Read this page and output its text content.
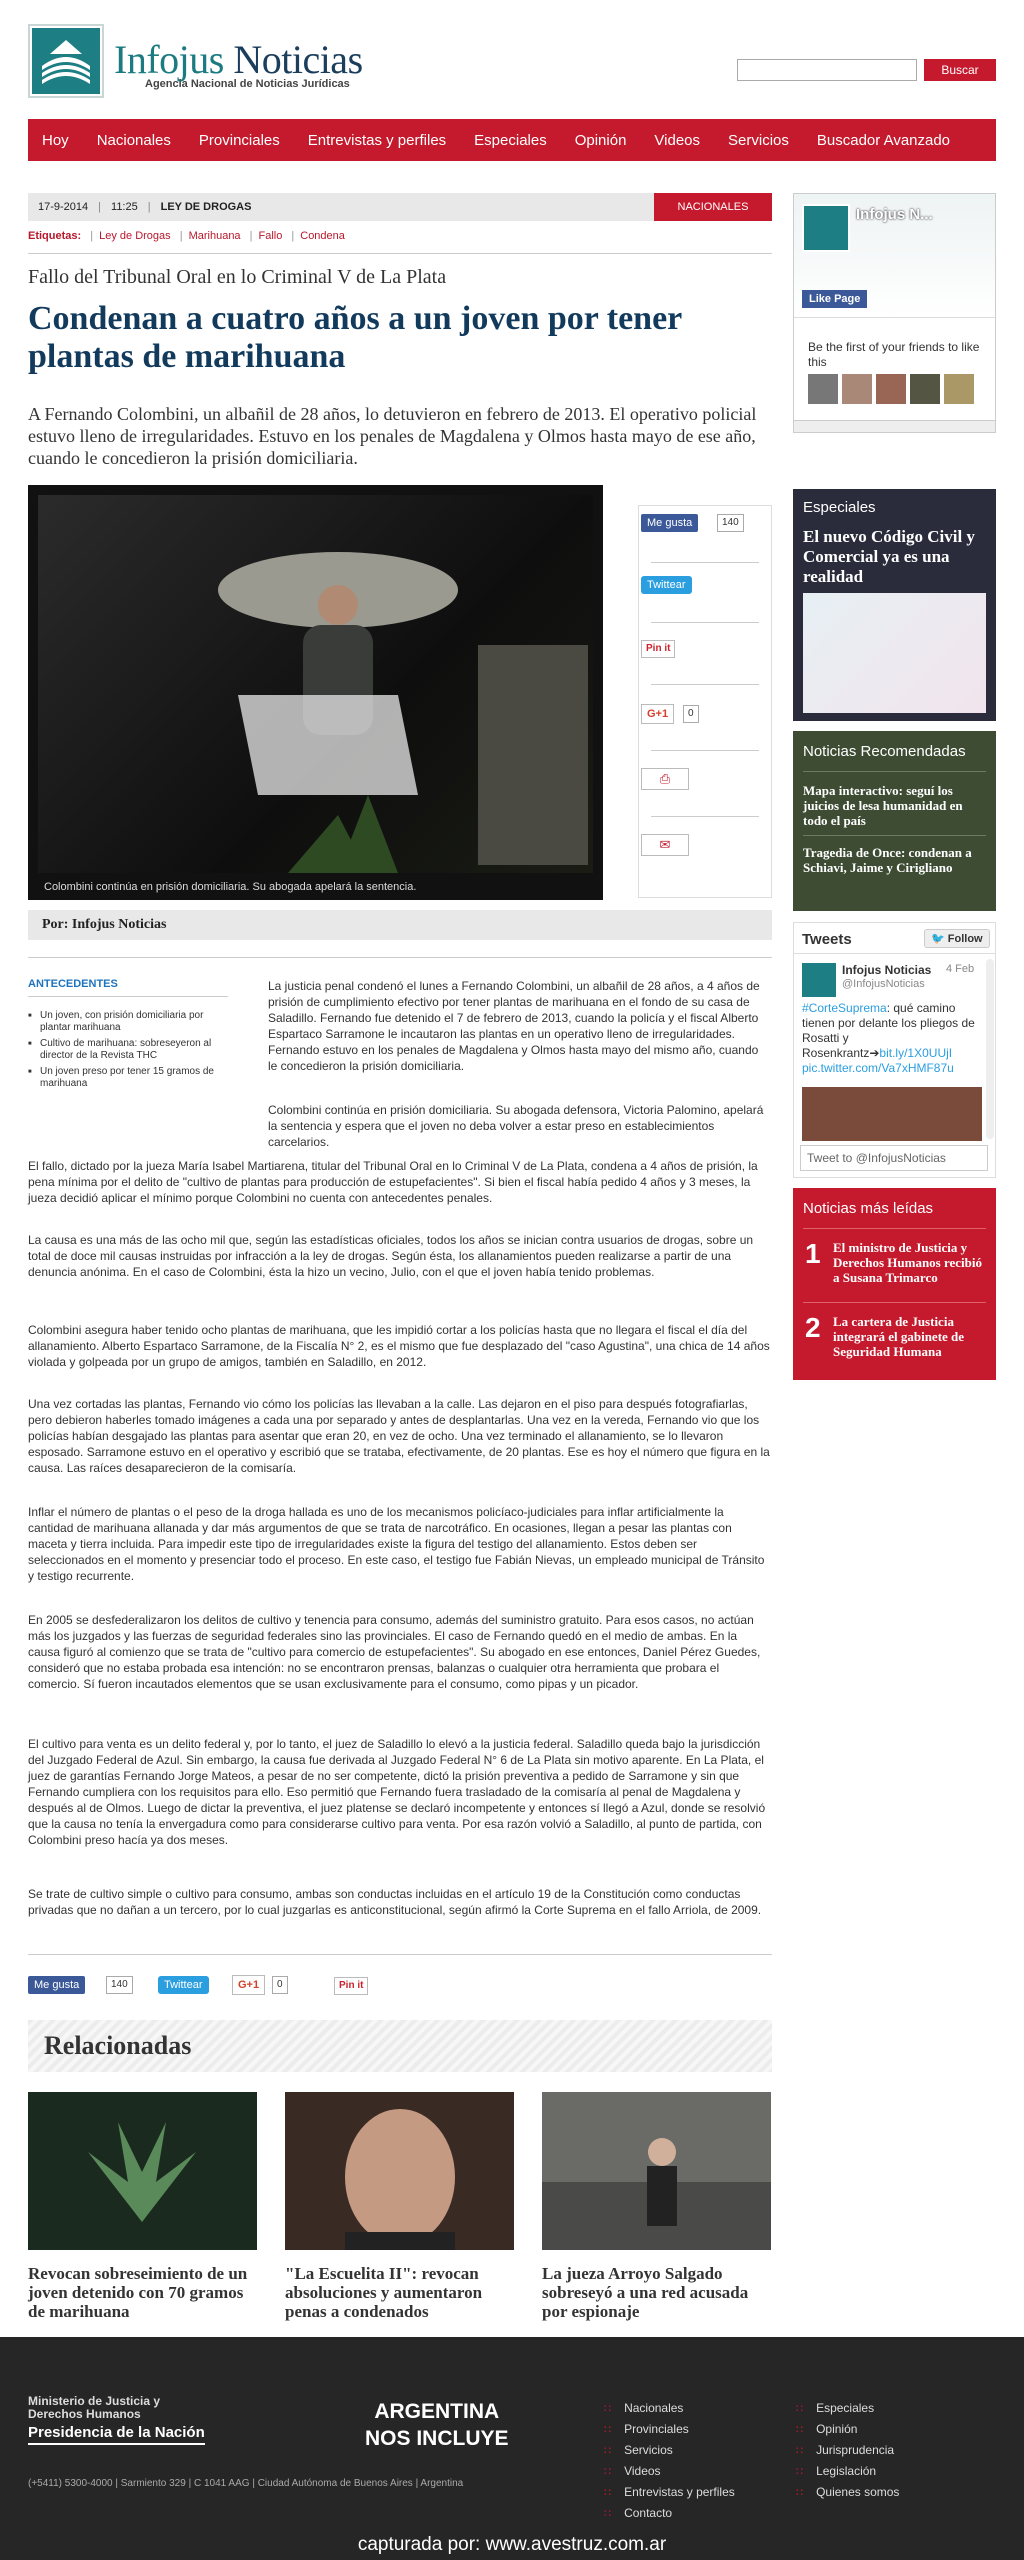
Infojus Noticias
Agencia Nacional de Noticias Jurídicas
Buscar
Hoy	Nacionales	Provinciales	Entrevistas y perfiles	Especiales	Opinión	Videos	Servicios	Buscador Avanzado
17-9-2014 | 11:25 | LEY DE DROGAS	NACIONALES
Etiquetas: | Ley de Drogas | Marihuana | Fallo | Condena
Fallo del Tribunal Oral en lo Criminal V de La Plata
Condenan a cuatro años a un joven por tener plantas de marihuana
A Fernando Colombini, un albañil de 28 años, lo detuvieron en febrero de 2013. El operativo policial estuvo lleno de irregularidades. Estuvo en los penales de Magdalena y Olmos hasta mayo de ese año, cuando le concedieron la prisión domiciliaria.
Colombini continúa en prisión domiciliaria. Su abogada apelará la sentencia.
Me gusta	140
Twittear
Pin it
G+1	0
⎙
✉
Por: Infojus Noticias
ANTECEDENTES
■ Un joven, con prisión domiciliaria por plantar marihuana
■ Cultivo de marihuana: sobreseyeron al director de la Revista THC
■ Un joven preso por tener 15 gramos de marihuana
La justicia penal condenó el lunes a Fernando Colombini, un albañil de 28 años, a 4 años de prisión de cumplimiento efectivo por tener plantas de marihuana en el fondo de su casa de Saladillo. Fernando fue detenido el 7 de febrero de 2013, cuando la policía y el fiscal Alberto Espartaco Sarramone le incautaron las plantas en un operativo lleno de irregularidades. Fernando estuvo en los penales de Magdalena y Olmos hasta mayo del mismo año, cuando le concedieron la prisión domiciliaria.
Colombini continúa en prisión domiciliaria. Su abogada defensora, Victoria Palomino, apelará la sentencia y espera que el joven no deba volver a estar preso en establecimientos carcelarios.
El fallo, dictado por la jueza María Isabel Martiarena, titular del Tribunal Oral en lo Criminal V de La Plata, condena a 4 años de prisión, la pena mínima por el delito de "cultivo de plantas para producción de estupefacientes". Si bien el fiscal había pedido 4 años y 3 meses, la jueza decidió aplicar el mínimo porque Colombini no cuenta con antecedentes penales.
La causa es una más de las ocho mil que, según las estadísticas oficiales, todos los años se inician contra usuarios de drogas, sobre un total de doce mil causas instruidas por infracción a la ley de drogas. Según ésta, los allanamientos pueden realizarse a partir de una denuncia anónima. En el caso de Colombini, ésta la hizo un vecino, Julio, con el que el joven había tenido problemas.
Colombini asegura haber tenido ocho plantas de marihuana, que les impidió cortar a los policías hasta que no llegara el fiscal el día del allanamiento. Alberto Espartaco Sarramone, de la Fiscalía N° 2, es el mismo que fue desplazado del "caso Agustina", una chica de 14 años violada y golpeada por un grupo de amigos, también en Saladillo, en 2012.
Una vez cortadas las plantas, Fernando vio cómo los policías las llevaban a la calle. Las dejaron en el piso para después fotografiarlas, pero debieron haberles tomado imágenes a cada una por separado y antes de desplantarlas. Una vez en la vereda, Fernando vio que los policías habían desgajado las plantas para asentar que eran 20, en vez de ocho. Una vez terminado el allanamiento, se lo llevaron esposado. Sarramone estuvo en el operativo y escribió que se trataba, efectivamente, de 20 plantas. Ese es hoy el número que figura en la causa. Las raíces desaparecieron de la comisaría.
Inflar el número de plantas o el peso de la droga hallada es uno de los mecanismos policíaco-judiciales para inflar artificialmente la cantidad de marihuana allanada y dar más argumentos de que se trata de narcotráfico. En ocasiones, llegan a pesar las plantas con maceta y tierra incluida. Para impedir este tipo de irregularidades existe la figura del testigo del allanamiento. Estos deben ser seleccionados en el momento y presenciar todo el proceso. En este caso, el testigo fue Fabián Nievas, un empleado municipal de Tránsito y testigo recurrente.
En 2005 se desfederalizaron los delitos de cultivo y tenencia para consumo, además del suministro gratuito. Para esos casos, no actúan más los juzgados y las fuerzas de seguridad federales sino las provinciales. El caso de Fernando quedó en el medio de ambas. En la causa figuró al comienzo que se trata de "cultivo para comercio de estupefacientes". Su abogado en ese entonces, Daniel Pérez Guedes, consideró que no estaba probada esa intención: no se encontraron prensas, balanzas o cualquier otra herramienta que probara el comercio. Sí fueron incautados elementos que se usan exclusivamente para el consumo, como pipas y un picador.
El cultivo para venta es un delito federal y, por lo tanto, el juez de Saladillo lo elevó a la justicia federal. Saladillo queda bajo la jurisdicción del Juzgado Federal de Azul. Sin embargo, la causa fue derivada al Juzgado Federal N° 6 de La Plata sin motivo aparente. En La Plata, el juez de garantías Fernando Jorge Mateos, a pesar de no ser competente, dictó la prisión preventiva a pedido de Sarramone y sin que Fernando cumpliera con los requisitos para ello. Eso permitió que Fernando fuera trasladado de la comisaría al penal de Magdalena y después al de Olmos. Luego de dictar la preventiva, el juez platense se declaró incompetente y entonces sí llegó a Azul, donde se resolvió que la causa no tenía la envergadura como para considerarse cultivo para venta. Por esa razón volvió a Saladillo, al punto de partida, con Colombini preso hacía ya dos meses.
Se trate de cultivo simple o cultivo para consumo, ambas son conductas incluidas en el artículo 19 de la Constitución como conductas privadas que no dañan a un tercero, por lo cual juzgarlas es anticonstitucional, según afirmó la Corte Suprema en el fallo Arriola, de 2009.
Me gusta	140	Twittear	G+1	0	Pin it
Relacionadas
Revocan sobreseimiento de un joven detenido con 70 gramos de marihuana
"La Escuelita II": revocan absoluciones y aumentaron penas a condenados
La jueza Arroyo Salgado sobreseyó a una red acusada por espionaje
Infojus N...
Like Page
Be the first of your friends to like this
Especiales
El nuevo Código Civil y Comercial ya es una realidad
Noticias Recomendadas
Mapa interactivo: seguí los juicios de lesa humanidad en todo el país
Tragedia de Once: condenan a Schiavi, Jaime y Cirigliano
Tweets	🐦 Follow
Infojus Noticias
@InfojusNoticias
4 Feb
#CorteSuprema: qué camino tienen por delante los pliegos de Rosatti y Rosenkrantz➔bit.ly/1X0UUjI
pic.twitter.com/Va7xHMF87u
Tweet to @InfojusNoticias
Noticias más leídas
1 El ministro de Justicia y Derechos Humanos recibió a Susana Trimarco
2 La cartera de Justicia integrará el gabinete de Seguridad Humana
Ministerio de Justicia y Derechos Humanos
Presidencia de la Nación
ARGENTINA
NOS INCLUYE
(+5411) 5300-4000 | Sarmiento 329 | C 1041 AAG | Ciudad Autónoma de Buenos Aires | Argentina
∷ Nacionales
∷ Provinciales
∷ Servicios
∷ Videos
∷ Entrevistas y perfiles
∷ Contacto
∷ Especiales
∷ Opinión
∷ Jurisprudencia
∷ Legislación
∷ Quienes somos
capturada por: www.avestruz.com.ar
